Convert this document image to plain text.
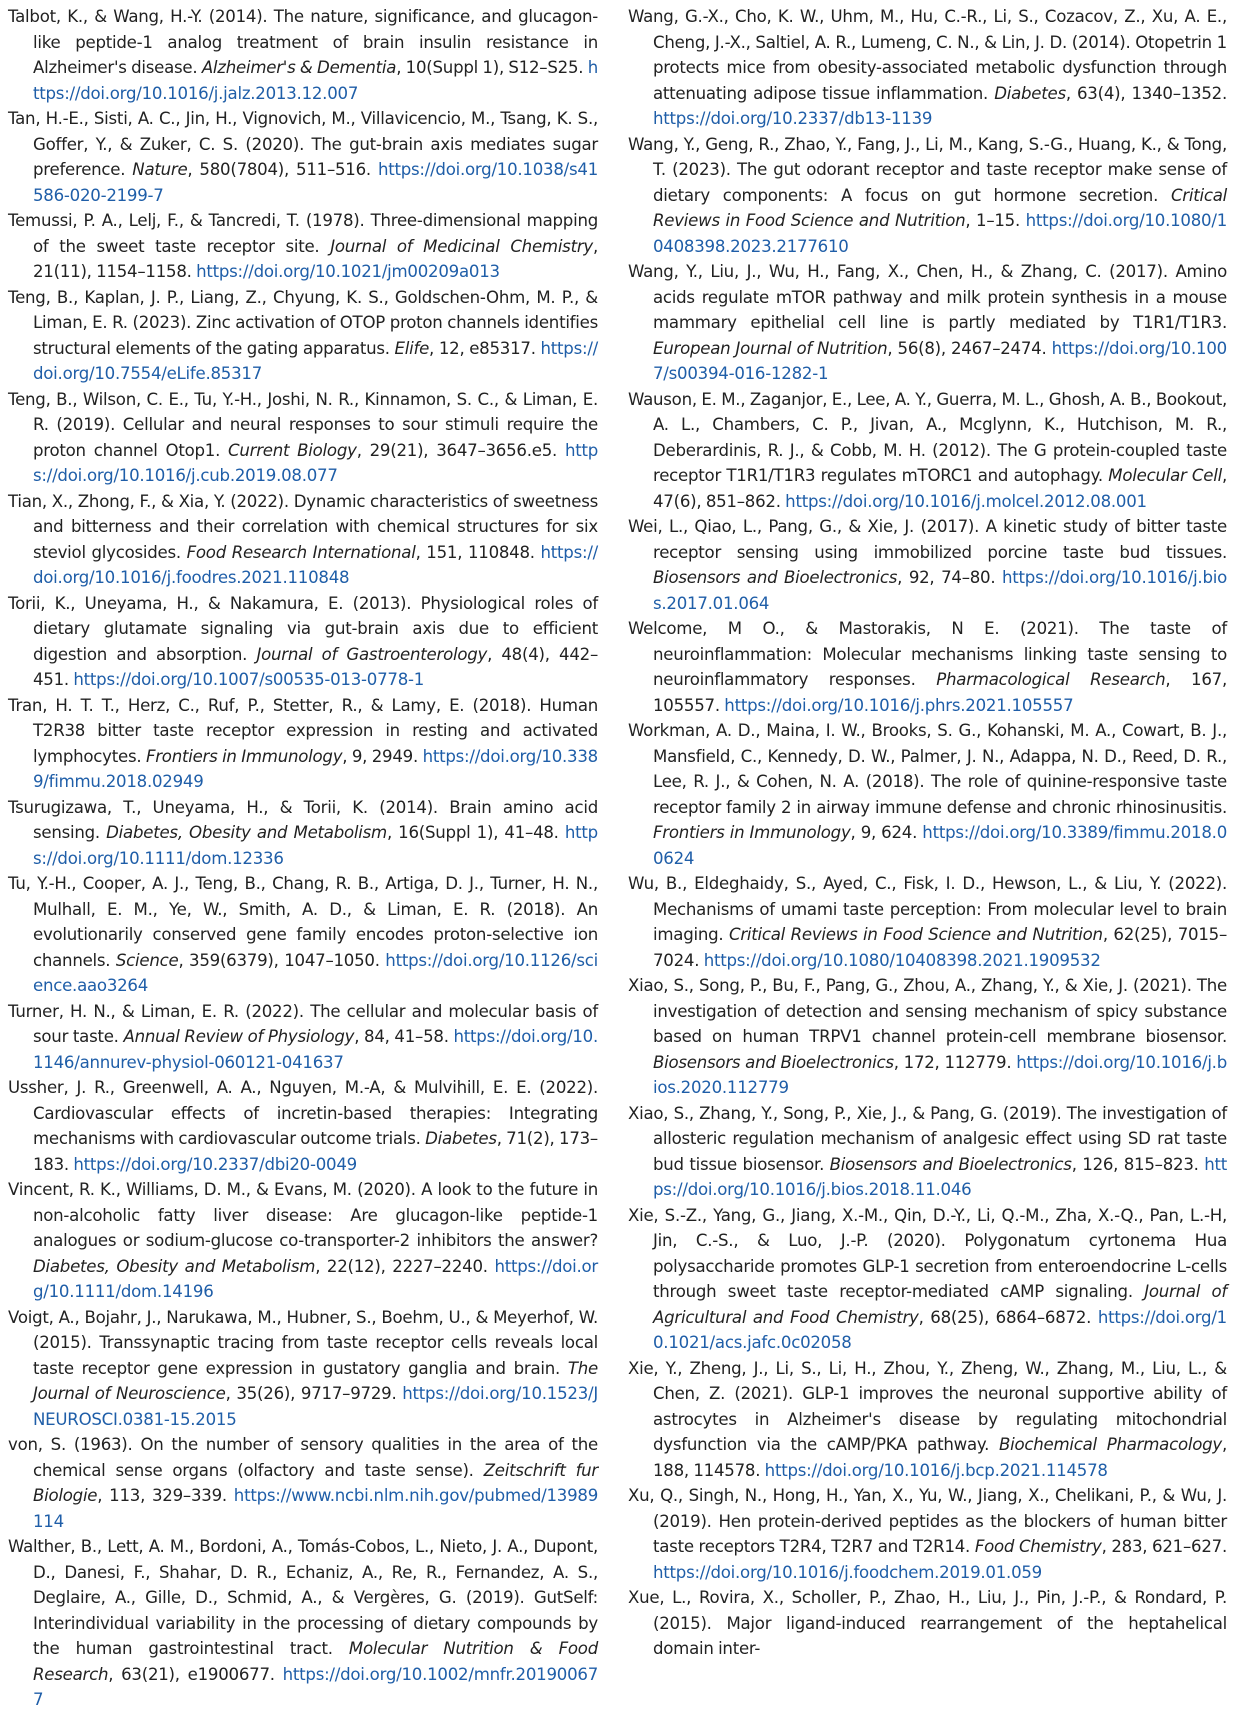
Talbot, K., & Wang, H.-Y. (2014). The nature, significance, and glucagon-like peptide-1 analog treatment of brain insulin resistance in Alzheimer's disease. Alzheimer's & Dementia, 10(Suppl 1), S12–S25. https://doi.org/10.1016/j.jalz.2013.12.007

Tan, H.-E., Sisti, A. C., Jin, H., Vignovich, M., Villavicencio, M., Tsang, K. S., Goffer, Y., & Zuker, C. S. (2020). The gut-brain axis mediates sugar preference. Nature, 580(7804), 511–516. https://doi.org/10.1038/s41586-020-2199-7

Temussi, P. A., Lelj, F., & Tancredi, T. (1978). Three-dimensional mapping of the sweet taste receptor site. Journal of Medicinal Chemistry, 21(11), 1154–1158. https://doi.org/10.1021/jm00209a013

Teng, B., Kaplan, J. P., Liang, Z., Chyung, K. S., Goldschen-Ohm, M. P., & Liman, E. R. (2023). Zinc activation of OTOP proton channels identifies structural elements of the gating apparatus. Elife, 12, e85317. https://doi.org/10.7554/eLife.85317

Teng, B., Wilson, C. E., Tu, Y.-H., Joshi, N. R., Kinnamon, S. C., & Liman, E. R. (2019). Cellular and neural responses to sour stimuli require the proton channel Otop1. Current Biology, 29(21), 3647–3656.e5. https://doi.org/10.1016/j.cub.2019.08.077

Tian, X., Zhong, F., & Xia, Y. (2022). Dynamic characteristics of sweetness and bitterness and their correlation with chemical structures for six steviol glycosides. Food Research International, 151, 110848. https://doi.org/10.1016/j.foodres.2021.110848

Torii, K., Uneyama, H., & Nakamura, E. (2013). Physiological roles of dietary glutamate signaling via gut-brain axis due to efficient digestion and absorption. Journal of Gastroenterology, 48(4), 442–451. https://doi.org/10.1007/s00535-013-0778-1

Tran, H. T. T., Herz, C., Ruf, P., Stetter, R., & Lamy, E. (2018). Human T2R38 bitter taste receptor expression in resting and activated lymphocytes. Frontiers in Immunology, 9, 2949. https://doi.org/10.3389/fimmu.2018.02949

Tsurugizawa, T., Uneyama, H., & Torii, K. (2014). Brain amino acid sensing. Diabetes, Obesity and Metabolism, 16(Suppl 1), 41–48. https://doi.org/10.1111/dom.12336

Tu, Y.-H., Cooper, A. J., Teng, B., Chang, R. B., Artiga, D. J., Turner, H. N., Mulhall, E. M., Ye, W., Smith, A. D., & Liman, E. R. (2018). An evolutionarily conserved gene family encodes proton-selective ion channels. Science, 359(6379), 1047–1050. https://doi.org/10.1126/science.aao3264

Turner, H. N., & Liman, E. R. (2022). The cellular and molecular basis of sour taste. Annual Review of Physiology, 84, 41–58. https://doi.org/10.1146/annurev-physiol-060121-041637

Ussher, J. R., Greenwell, A. A., Nguyen, M.-A, & Mulvihill, E. E. (2022). Cardiovascular effects of incretin-based therapies: Integrating mechanisms with cardiovascular outcome trials. Diabetes, 71(2), 173–183. https://doi.org/10.2337/dbi20-0049

Vincent, R. K., Williams, D. M., & Evans, M. (2020). A look to the future in non-alcoholic fatty liver disease: Are glucagon-like peptide-1 analogues or sodium-glucose co-transporter-2 inhibitors the answer? Diabetes, Obesity and Metabolism, 22(12), 2227–2240. https://doi.org/10.1111/dom.14196

Voigt, A., Bojahr, J., Narukawa, M., Hubner, S., Boehm, U., & Meyerhof, W. (2015). Transsynaptic tracing from taste receptor cells reveals local taste receptor gene expression in gustatory ganglia and brain. The Journal of Neuroscience, 35(26), 9717–9729. https://doi.org/10.1523/JNEUROSCI.0381-15.2015

von, S. (1963). On the number of sensory qualities in the area of the chemical sense organs (olfactory and taste sense). Zeitschrift fur Biologie, 113, 329–339. https://www.ncbi.nlm.nih.gov/pubmed/13989114

Walther, B., Lett, A. M., Bordoni, A., Tomás-Cobos, L., Nieto, J. A., Dupont, D., Danesi, F., Shahar, D. R., Echaniz, A., Re, R., Fernandez, A. S., Deglaire, A., Gille, D., Schmid, A., & Vergères, G. (2019). GutSelf: Interindividual variability in the processing of dietary compounds by the human gastrointestinal tract. Molecular Nutrition & Food Research, 63(21), e1900677. https://doi.org/10.1002/mnfr.201900677

Wang, G.-X., Cho, K. W., Uhm, M., Hu, C.-R., Li, S., Cozacov, Z., Xu, A. E., Cheng, J.-X., Saltiel, A. R., Lumeng, C. N., & Lin, J. D. (2014). Otopetrin 1 protects mice from obesity-associated metabolic dysfunction through attenuating adipose tissue inflammation. Diabetes, 63(4), 1340–1352. https://doi.org/10.2337/db13-1139

Wang, Y., Geng, R., Zhao, Y., Fang, J., Li, M., Kang, S.-G., Huang, K., & Tong, T. (2023). The gut odorant receptor and taste receptor make sense of dietary components: A focus on gut hormone secretion. Critical Reviews in Food Science and Nutrition, 1–15. https://doi.org/10.1080/10408398.2023.2177610

Wang, Y., Liu, J., Wu, H., Fang, X., Chen, H., & Zhang, C. (2017). Amino acids regulate mTOR pathway and milk protein synthesis in a mouse mammary epithelial cell line is partly mediated by T1R1/T1R3. European Journal of Nutrition, 56(8), 2467–2474. https://doi.org/10.1007/s00394-016-1282-1

Wauson, E. M., Zaganjor, E., Lee, A. Y., Guerra, M. L., Ghosh, A. B., Bookout, A. L., Chambers, C. P., Jivan, A., Mcglynn, K., Hutchison, M. R., Deberardinis, R. J., & Cobb, M. H. (2012). The G protein-coupled taste receptor T1R1/T1R3 regulates mTORC1 and autophagy. Molecular Cell, 47(6), 851–862. https://doi.org/10.1016/j.molcel.2012.08.001

Wei, L., Qiao, L., Pang, G., & Xie, J. (2017). A kinetic study of bitter taste receptor sensing using immobilized porcine taste bud tissues. Biosensors and Bioelectronics, 92, 74–80. https://doi.org/10.1016/j.bios.2017.01.064

Welcome, M O., & Mastorakis, N E. (2021). The taste of neuroinflammation: Molecular mechanisms linking taste sensing to neuroinflammatory responses. Pharmacological Research, 167, 105557. https://doi.org/10.1016/j.phrs.2021.105557

Workman, A. D., Maina, I. W., Brooks, S. G., Kohanski, M. A., Cowart, B. J., Mansfield, C., Kennedy, D. W., Palmer, J. N., Adappa, N. D., Reed, D. R., Lee, R. J., & Cohen, N. A. (2018). The role of quinine-responsive taste receptor family 2 in airway immune defense and chronic rhinosinusitis. Frontiers in Immunology, 9, 624. https://doi.org/10.3389/fimmu.2018.00624

Wu, B., Eldeghaidy, S., Ayed, C., Fisk, I. D., Hewson, L., & Liu, Y. (2022). Mechanisms of umami taste perception: From molecular level to brain imaging. Critical Reviews in Food Science and Nutrition, 62(25), 7015–7024. https://doi.org/10.1080/10408398.2021.1909532

Xiao, S., Song, P., Bu, F., Pang, G., Zhou, A., Zhang, Y., & Xie, J. (2021). The investigation of detection and sensing mechanism of spicy substance based on human TRPV1 channel protein-cell membrane biosensor. Biosensors and Bioelectronics, 172, 112779. https://doi.org/10.1016/j.bios.2020.112779

Xiao, S., Zhang, Y., Song, P., Xie, J., & Pang, G. (2019). The investigation of allosteric regulation mechanism of analgesic effect using SD rat taste bud tissue biosensor. Biosensors and Bioelectronics, 126, 815–823. https://doi.org/10.1016/j.bios.2018.11.046

Xie, S.-Z., Yang, G., Jiang, X.-M., Qin, D.-Y., Li, Q.-M., Zha, X.-Q., Pan, L.-H, Jin, C.-S., & Luo, J.-P. (2020). Polygonatum cyrtonema Hua polysaccharide promotes GLP-1 secretion from enteroendocrine L-cells through sweet taste receptor-mediated cAMP signaling. Journal of Agricultural and Food Chemistry, 68(25), 6864–6872. https://doi.org/10.1021/acs.jafc.0c02058

Xie, Y., Zheng, J., Li, S., Li, H., Zhou, Y., Zheng, W., Zhang, M., Liu, L., & Chen, Z. (2021). GLP-1 improves the neuronal supportive ability of astrocytes in Alzheimer's disease by regulating mitochondrial dysfunction via the cAMP/PKA pathway. Biochemical Pharmacology, 188, 114578. https://doi.org/10.1016/j.bcp.2021.114578

Xu, Q., Singh, N., Hong, H., Yan, X., Yu, W., Jiang, X., Chelikani, P., & Wu, J. (2019). Hen protein-derived peptides as the blockers of human bitter taste receptors T2R4, T2R7 and T2R14. Food Chemistry, 283, 621–627. https://doi.org/10.1016/j.foodchem.2019.01.059

Xue, L., Rovira, X., Scholler, P., Zhao, H., Liu, J., Pin, J.-P., & Rondard, P. (2015). Major ligand-induced rearrangement of the heptahelical domain inter-
